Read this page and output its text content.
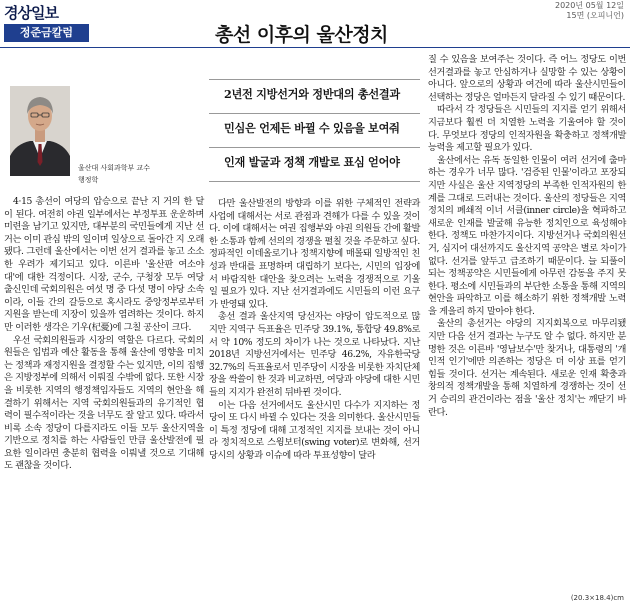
경상일보
정준금칼럼
2020년 05월 12일
15면 (오피니언)
총선 이후의 울산정치
울산대 사회과학부 교수
행정학
2년전 지방선거와 정반대의 총선결과
민심은 언제든 바뀔 수 있음을 보여줘
인재 발굴과 정책 개발로 표심 얻어야

4·15 총선이 여당의 압승으로 끝난 지 거의 한 달이 된다. 여전히 야권 일부에서는 부정투표 운운하며 미련을 남기고 있지만, 대부분의 국민들에게 지난 선거는 이미 관심 밖의 일이며 일상으로 돌아간 지 오래됐다. 그런데 울산에서는 이번 선거 결과를 놓고 소소한 우려가 제기되고 있다. 이른바 '울산판 여소야대'에 대한 걱정이다. 시장, 군수, 구청장 모두 여당 출신인데 국회의원은 여섯 명 중 다섯 명이 야당 소속이라, 이들 간의 갈등으로 혹시라도 중앙정부로부터 지원을 받는데 지장이 있을까 염려하는 것이다. 하지만 이러한 생각은 기우(杞憂)에 그칠 공산이 크다.

우선 국회의원들과 시장의 역할은 다르다. 국회의원들은 입법과 예산 활동을 통해 울산에 영향을 미치는 정책과 재정지원을 결정할 수는 있지만, 이의 집행은 지방정부에 의해서 이뤄질 수밖에 없다. 또한 시장을 비롯한 지역의 행정책임자들도 지역의 현안을 해결하기 위해서는 지역 국회의원들과의 유기적인 협력이 필수적이라는 것을 너무도 잘 알고 있다. 따라서 비록 소속 정당이 다를지라도 이들 모두 울산지역을 기반으로 정치를 하는 사람들인 만큼 울산발전에 필요한 일이라면 충분히 협력을 이뤄낼 것으로 기대해도 괜찮을 것이다.

다만 울산발전의 방향과 이를 위한 구체적인 전략과 사업에 대해서는 서로 관점과 견해가 다를 수 있을 것이다. 이에 대해서는 여권 집행부와 야권 의원들 간에 활발한 소통과 함께 선의의 경쟁을 펼칠 것을 주문하고 싶다. 정파적인 이데올로기나 정책지향에 매몰돼 일방적인 친성과 반대를 표명하며 대립하기 보다는, 시민의 입장에서 바람직한 대안을 찾으려는 노력을 경쟁적으로 기울일 필요가 있다. 지난 선거결과에도 시민들의 이런 요구가 반영돼 있다.

총선 결과 울산지역 당선자는 야당이 압도적으로 많지만 지역구 득표율은 민주당 39.1%, 통합당 49.8%로서 약 10% 정도의 차이가 나는 것으로 나타났다. 지난 2018년 지방선거에서는 민주당 46.2%, 자유한국당 32.7%의 득표율로서 민주당이 시장을 비롯한 자치단체장을 싹쓸이 한 것과 비교하면, 여당과 야당에 대한 시민들의 지지가 완전히 뒤바뀐 것이다.

이는 다음 선거에서도 울산시민 다수가 지지하는 정당이 또 다시 바뀔 수 있다는 것을 의미한다. 울산시민들이 특정 정당에 대해 고정적인 지지를 보내는 것이 아니라 정치적으로 스윙보터(swing voter)로 변화해, 선거당시의 상황과 이슈에 따라 투표성향이 달라

질 수 있음을 보여주는 것이다. 즉 어느 정당도 이번 선거결과를 놓고 안심하거나 실망할 수 있는 상황이 아니다. 앞으로의 상황과 여건에 따라 울산시민들이 선택하는 정당은 얼마든지 달라질 수 있기 때문이다.

따라서 각 정당들은 시민들의 지지를 얻기 위해서 지금보다 훨씬 더 치열한 노력을 기울여야 할 것이다. 무엇보다 정당의 인적자원을 확충하고 정책개발 능력을 제고할 필요가 있다.

울산에서는 유독 동일한 인물이 여러 선거에 출마하는 경우가 너무 많다. '검증된 인물'이라고 포장되지만 사실은 울산 지역정당의 부족한 인적자원의 한계를 그대로 드러내는 것이다. 울산의 정당들은 지역정치의 폐쇄적 이너 서클(inner circle)을 혁파하고 새로운 인재를 발굴해 유능한 정치인으로 육성해야 한다. 정책도 마찬가지이다. 지방선거나 국회의원선거, 심지어 대선까지도 울산지역 공약은 별로 차이가 없다. 선거를 앞두고 급조하기 때문이다. 늘 되풀이되는 정책공약은 시민들에게 아무런 감동을 주지 못한다. 평소에 시민들과의 부단한 소통을 통해 지역의 현안을 파악하고 이를 해소하기 위한 정책개발 노력을 게을리 하지 말아야 한다.

울산의 총선거는 야당의 지지회복으로 마무리됐지만 다음 선거 결과는 누구도 알 수 없다. 하지만 분명한 것은 이른바 '영남보수'만 찾거나, 대통령의 '개인적 인기'에만 의존하는 정당은 더 이상 표를 얻기 힘들 것이다. 선거는 계속된다. 새로운 인재 확충과 창의적 정책개발을 통해 치열하게 경쟁하는 것이 선거 승리의 관건이라는 점을 '울산 정치'는 깨닫기 바란다.

(20.3×18.4)cm
